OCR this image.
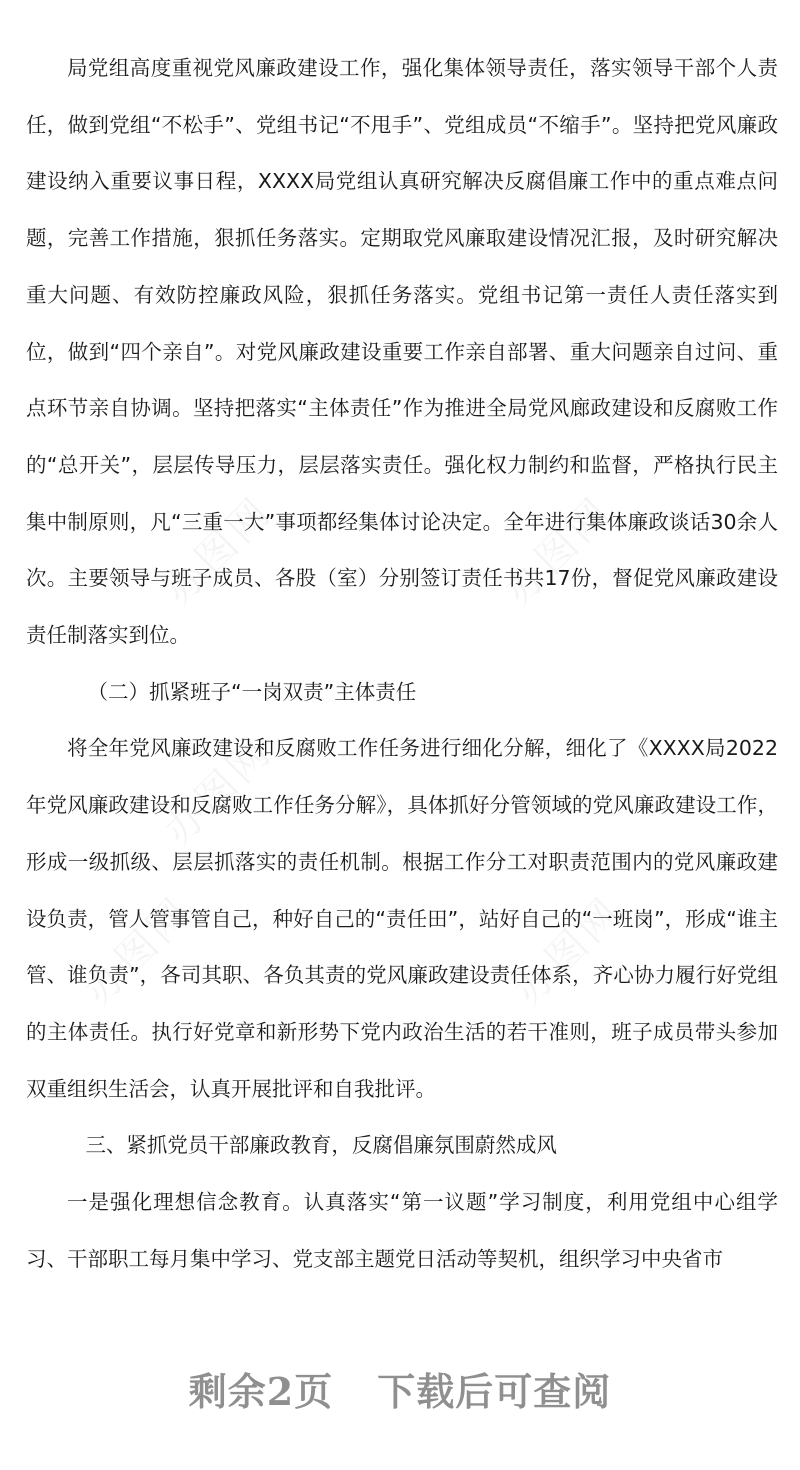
局党组高度重视党风廉政建设工作，强化集体领导责任，落实领导干部个人责任，做到党组“不松手”、党组书记“不甩手”、党组成员“不缩手”。坚持把党风廉政建设纳入重要议事日程，XXXX局党组认真研究解决反腐倡廉工作中的重点难点问题，完善工作措施，狠抓任务落实。定期取党风廉取建设情况汇报，及时研究解决重大问题、有效防控廉政风险，狠抓任务落实。党组书记第一责任人责任落实到位，做到“四个亲自”。对党风廉政建设重要工作亲自部署、重大问题亲自过问、重点环节亲自协调。坚持把落实“主体责任”作为推进全局党风廊政建设和反腐败工作的“总开关”，层层传导压力，层层落实责任。强化权力制约和监督，严格执行民主集中制原则，凡“三重一大”事项都经集体讨论决定。全年进行集体廉政谈话30余人次。主要领导与班子成员、各股（室）分别签订责任书共17份，督促党风廉政建设责任制落实到位。

（二）抓紧班子“一岗双责”主体责任

将全年党风廉政建设和反腐败工作任务进行细化分解，细化了《XXXX局2022年党风廉政建设和反腐败工作任务分解》，具体抓好分管领域的党风廉政建设工作，形成一级抓级、层层抓落实的责任机制。根据工作分工对职责范围内的党风廉政建设负责，管人管事管自己，种好自己的“责任田”，站好自己的“一班岗”，形成“谁主管、谁负责”，各司其职、各负其责的党风廉政建设责任体系，齐心协力履行好党组的主体责任。执行好党章和新形势下党内政治生活的若干准则，班子成员带头参加双重组织生活会，认真开展批评和自我批评。

三、紧抓党员干部廉政教育，反腐倡廉氛围蔚然成风

一是强化理想信念教育。认真落实“第一议题”学习制度，利用党组中心组学习、干部职工每月集中学习、党支部主题党日活动等契机，组织学习中央省市

剩余2页 下载后可查阅
